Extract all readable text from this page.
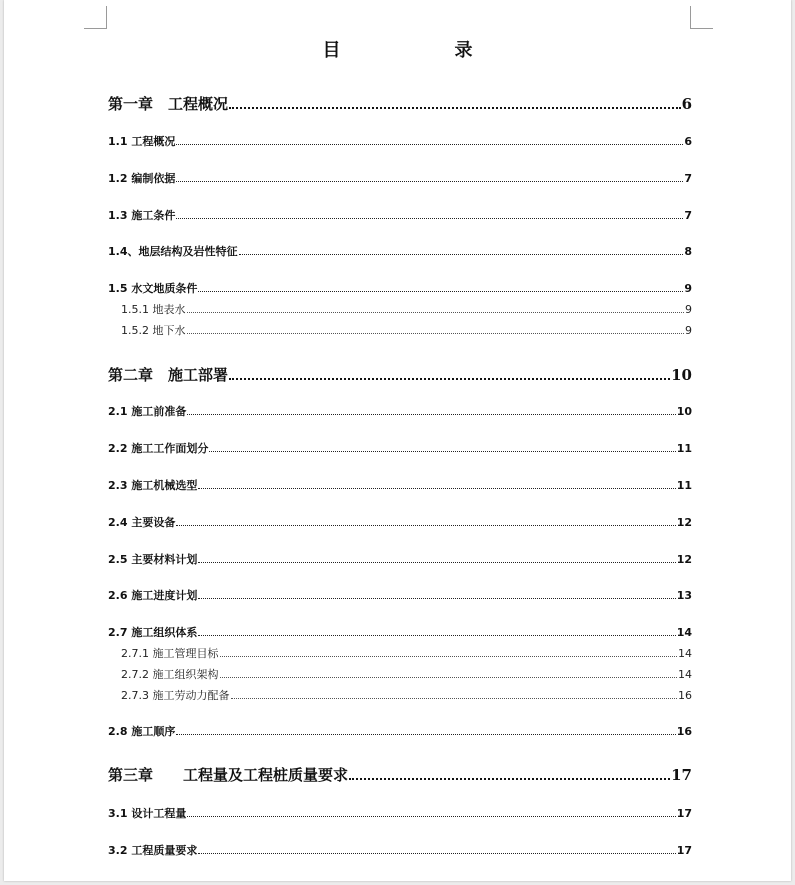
目　　录
第一章　工程概况	6
1.1 工程概况	6
1.2 编制依据	7
1.3 施工条件	7
1.4、地层结构及岩性特征	8
1.5 水文地质条件	9
1.5.1 地表水	9
1.5.2 地下水	9
第二章　施工部署	10
2.1 施工前准备	10
2.2 施工工作面划分	11
2.3 施工机械选型	11
2.4 主要设备	12
2.5 主要材料计划	12
2.6 施工进度计划	13
2.7 施工组织体系	14
2.7.1 施工管理目标	14
2.7.2 施工组织架构	14
2.7.3 施工劳动力配备	16
2.8 施工顺序	16
第三章　　工程量及工程桩质量要求	17
3.1 设计工程量	17
3.2 工程质量要求	17
